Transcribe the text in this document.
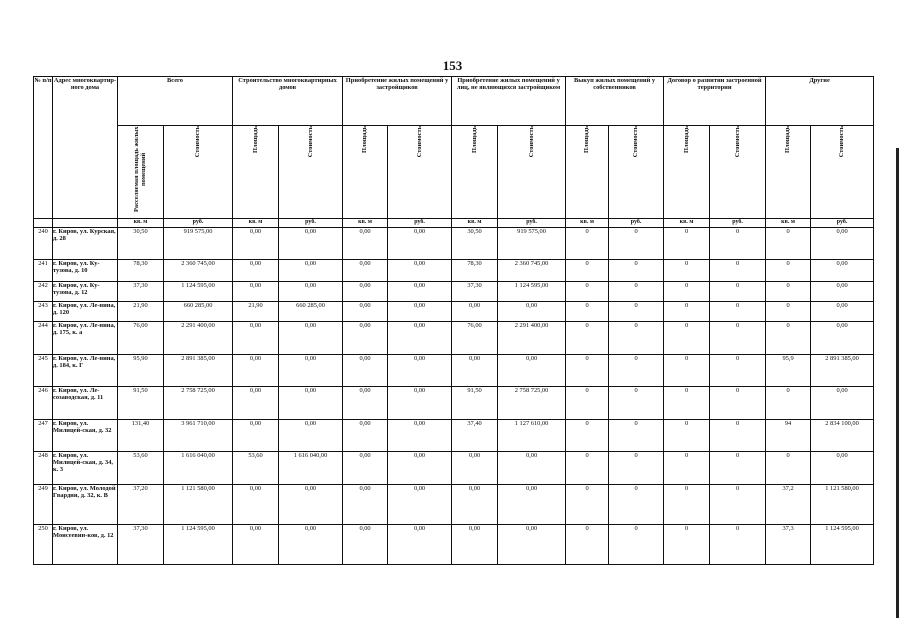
153
№ п/п	Адрес многоквартир-ного дома	Всего		Строительство многоквартирных домов		Приобретение жилых помещений у застройщиков		Приобретение жилых помещений у лиц, не являющихся застройщиком		Выкуп жилых помещений у собственников		Договор о развитии застроенной территории		Другие	

		Расселяемая площадь жилых помещений	Стоимость	Площадь	Стоимость	Площадь	Стоимость	Площадь	Стоимость	Площадь	Стоимость	Площадь	Стоимость	Площадь	Стоимость

		кв. м	руб.	кв. м	руб.	кв. м	руб.	кв. м	руб.	кв. м	руб.	кв. м	руб.	кв. м	руб.
240	г. Киров, ул. Курская, д. 28	30,50	919 575,00	0,00	0,00	0,00	0,00	30,50	919 575,00	0	0	0	0	0	0,00
241	г. Киров, ул. Ку-тузова, д. 10	78,30	2 360 745,00	0,00	0,00	0,00	0,00	78,30	2 360 745,00	0	0	0	0	0	0,00
242	г. Киров, ул. Ку-тузова, д. 12	37,30	1 124 595,00	0,00	0,00	0,00	0,00	37,30	1 124 595,00	0	0	0	0	0	0,00
243	г. Киров, ул. Ле-нина, д. 120	21,90	660 285,00	21,90	660 285,00	0,00	0,00	0,00	0,00	0	0	0	0	0	0,00
244	г. Киров, ул. Ле-нина, д. 175, к. а	76,00	2 291 400,00	0,00	0,00	0,00	0,00	76,00	2 291 400,00	0	0	0	0	0	0,00
245	г. Киров, ул. Ле-нина, д. 184, к. Г	95,90	2 891 385,00	0,00	0,00	0,00	0,00	0,00	0,00	0	0	0	0	95,9	2 891 385,00
246	г. Киров, ул. Ле-созаводская, д. 11	91,50	2 758 725,00	0,00	0,00	0,00	0,00	91,50	2 758 725,00	0	0	0	0	0	0,00
247	г. Киров, ул. Милицей-ская, д. 32	131,40	3 961 710,00	0,00	0,00	0,00	0,00	37,40	1 127 610,00	0	0	0	0	94	2 834 100,00
248	г. Киров, ул. Милицей-ская, д. 34, к. 3	53,60	1 616 040,00	53,60	1 616 040,00	0,00	0,00	0,00	0,00	0	0	0	0	0	0,00
249	г. Киров, ул. Молодой Гвардии, д. 32, к. В	37,20	1 121 580,00	0,00	0,00	0,00	0,00	0,00	0,00	0	0	0	0	37,2	1 121 580,00
250	г. Киров, ул. Моисеевин-ков, д. 12	37,30	1 124 595,00	0,00	0,00	0,00	0,00	0,00	0,00	0	0	0	0	37,3	1 124 595,00
